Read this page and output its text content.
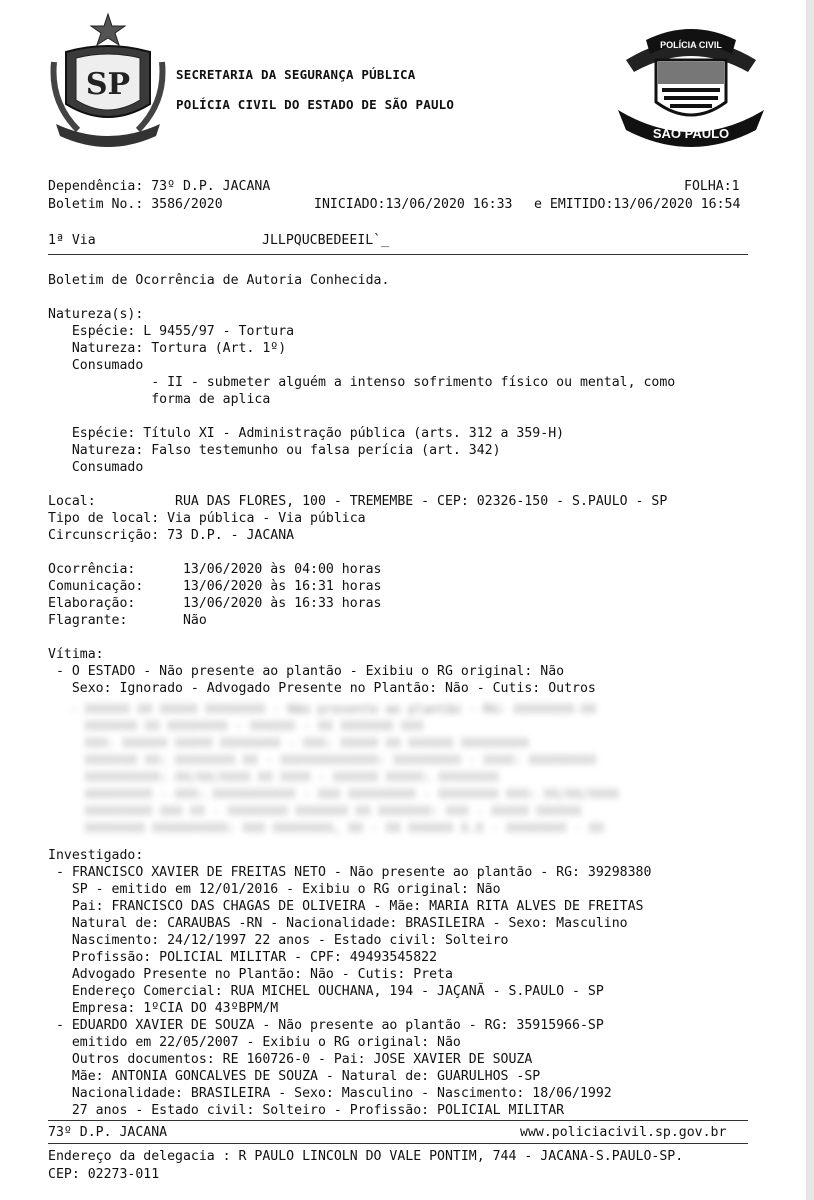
SP	SECRETARIA DA SEGURANÇA PÚBLICA
POLÍCIA CIVIL DO ESTADO DE SÃO PAULO
POLÍCIA CIVIL
SÃO PAULO
Dependência: 73º D.P. JACANA	FOLHA:1
Boletim No.: 3586/2020	INICIADO:13/06/2020 16:33 e EMITIDO:13/06/2020 16:54
1ª Via	JLLPQUCBEDEEIL`_
Boletim de Ocorrência de Autoria Conhecida.
Natureza(s):
Espécie: L 9455/97 - Tortura
Natureza: Tortura (Art. 1º)
Consumado
- II - submeter alguém a intenso sofrimento físico ou mental, como
forma de aplica
Espécie: Título XI - Administração pública (arts. 312 a 359-H)
Natureza: Falso testemunho ou falsa perícia (art. 342)
Consumado
Local:          RUA DAS FLORES, 100 - TREMEMBE - CEP: 02326-150 - S.PAULO - SP
Tipo de local: Via pública - Via pública
Circunscrição: 73 D.P. - JACANA
Ocorrência:      13/06/2020 às 04:00 horas
Comunicação:     13/06/2020 às 16:31 horas
Elaboração:      13/06/2020 às 16:33 horas
Flagrante:       Não
Vítima:
- O ESTADO - Não presente ao plantão - Exibiu o RG original: Não
Sexo: Ignorado - Advogado Presente no Plantão: Não - Cutis: Outros
- XXXXXX XX XXXXX XXXXXXXX - Não presente ao plantão - RG: XXXXXXXX-XX
XXXXXXX XX XXXXXXXX - XXXXXX - XX XXXXXXX XXX
XXX: XXXXXX XXXXX XXXXXXXX - XXX: XXXXX XX XXXXXX XXXXXXXXX
XXXXXXX XX: XXXXXXXX XX - XXXXXXXXXXXXX: XXXXXXXXX - XXXX: XXXXXXXXX
XXXXXXXXXX: XX/XX/XXXX XX XXXX - XXXXXX XXXXX: XXXXXXXX
XXXXXXXXX - XXX: XXXXXXXXXXX - XXX XXXXXXXXX - XXXXXXXX XXX: XX/XX/XXXX
XXXXXXXXX XXX XX - XXXXXXXX XXXXXXX XX XXXXXXX: XXX - XXXXX XXXXXX
XXXXXXXX XXXXXXXXXX: XXX XXXXXXXX, XX - XX XXXXXX X.X - XXXXXXXX - XX
Investigado:
- FRANCISCO XAVIER DE FREITAS NETO - Não presente ao plantão - RG: 39298380
SP - emitido em 12/01/2016 - Exibiu o RG original: Não
Pai: FRANCISCO DAS CHAGAS DE OLIVEIRA - Mãe: MARIA RITA ALVES DE FREITAS
Natural de: CARAUBAS -RN - Nacionalidade: BRASILEIRA - Sexo: Masculino
Nascimento: 24/12/1997 22 anos - Estado civil: Solteiro
Profissão: POLICIAL MILITAR - CPF: 49493545822
Advogado Presente no Plantão: Não - Cutis: Preta
Endereço Comercial: RUA MICHEL OUCHANA, 194 - JAÇANÃ - S.PAULO - SP
Empresa: 1ºCIA DO 43ºBPM/M
- EDUARDO XAVIER DE SOUZA - Não presente ao plantão - RG: 35915966-SP
emitido em 22/05/2007 - Exibiu o RG original: Não
Outros documentos: RE 160726-0 - Pai: JOSE XAVIER DE SOUZA
Mãe: ANTONIA GONCALVES DE SOUZA - Natural de: GUARULHOS -SP
Nacionalidade: BRASILEIRA - Sexo: Masculino - Nascimento: 18/06/1992
27 anos - Estado civil: Solteiro - Profissão: POLICIAL MILITAR
73º D.P. JACANA	www.policiacivil.sp.gov.br
Endereço da delegacia : R PAULO LINCOLN DO VALE PONTIM, 744 - JACANA-S.PAULO-SP.
CEP: 02273-011
